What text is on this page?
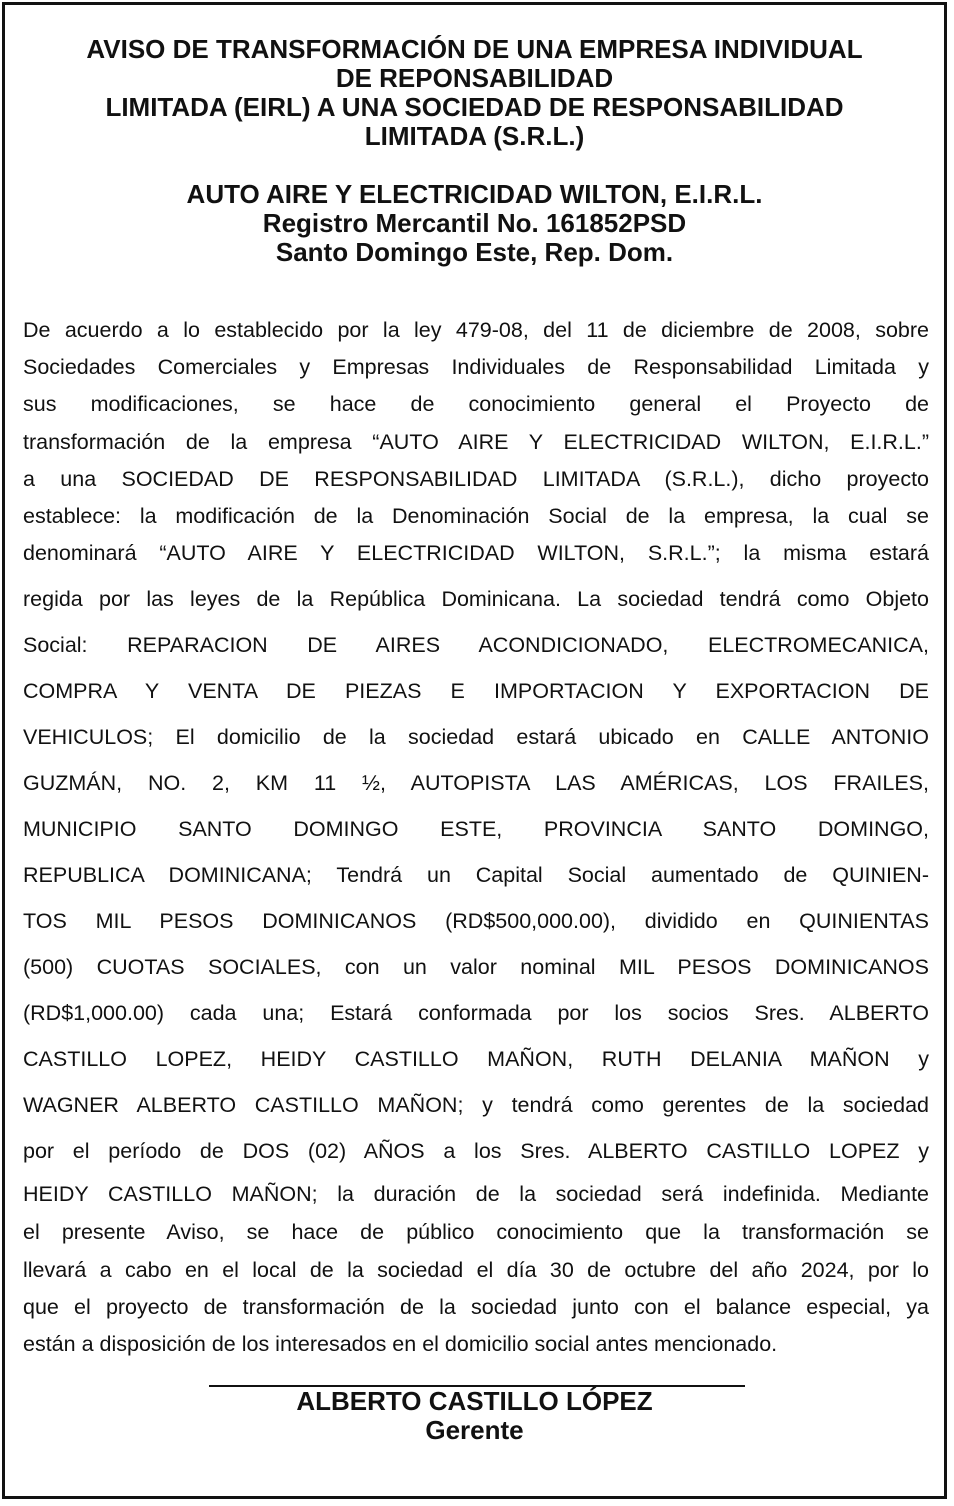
AVISO DE TRANSFORMACIÓN DE UNA EMPRESA INDIVIDUAL
DE REPONSABILIDAD
LIMITADA (EIRL) A UNA SOCIEDAD DE RESPONSABILIDAD
LIMITADA (S.R.L.)
AUTO AIRE Y ELECTRICIDAD WILTON, E.I.R.L.
Registro Mercantil No. 161852PSD
Santo Domingo Este, Rep. Dom.
De acuerdo a lo establecido por la ley 479-08, del 11 de diciembre de 2008, sobre
Sociedades Comerciales y Empresas Individuales de Responsabilidad Limitada y
sus modificaciones, se hace de conocimiento general el Proyecto de
transformación de la empresa “AUTO AIRE Y ELECTRICIDAD WILTON, E.I.R.L.”
a una SOCIEDAD DE RESPONSABILIDAD LIMITADA (S.R.L.), dicho proyecto
establece: la modificación de la Denominación Social de la empresa, la cual se
denominará “AUTO AIRE Y ELECTRICIDAD WILTON, S.R.L.”; la misma estará
regida por las leyes de la República Dominicana. La sociedad tendrá como Objeto
Social: REPARACION DE AIRES ACONDICIONADO, ELECTROMECANICA,
COMPRA Y VENTA DE PIEZAS E IMPORTACION Y EXPORTACION DE
VEHICULOS; El domicilio de la sociedad estará ubicado en CALLE ANTONIO
GUZMÁN, NO. 2, KM 11 ½, AUTOPISTA LAS AMÉRICAS, LOS FRAILES,
MUNICIPIO SANTO DOMINGO ESTE, PROVINCIA SANTO DOMINGO,
REPUBLICA DOMINICANA; Tendrá un Capital Social aumentado de QUINIEN-
TOS MIL PESOS DOMINICANOS (RD$500,000.00), dividido en QUINIENTAS
(500) CUOTAS SOCIALES, con un valor nominal MIL PESOS DOMINICANOS
(RD$1,000.00) cada una; Estará conformada por los socios Sres. ALBERTO
CASTILLO LOPEZ, HEIDY CASTILLO MAÑON, RUTH DELANIA MAÑON y
WAGNER ALBERTO CASTILLO MAÑON; y tendrá como gerentes de la sociedad
por el período de DOS (02) AÑOS a los Sres. ALBERTO CASTILLO LOPEZ y
HEIDY CASTILLO MAÑON; la duración de la sociedad será indefinida. Mediante
el presente Aviso, se hace de público conocimiento que la transformación se
llevará a cabo en el local de la sociedad el día 30 de octubre del año 2024, por lo
que el proyecto de transformación de la sociedad junto con el balance especial, ya
están a disposición de los interesados en el domicilio social antes mencionado.
ALBERTO CASTILLO LÓPEZ
Gerente
